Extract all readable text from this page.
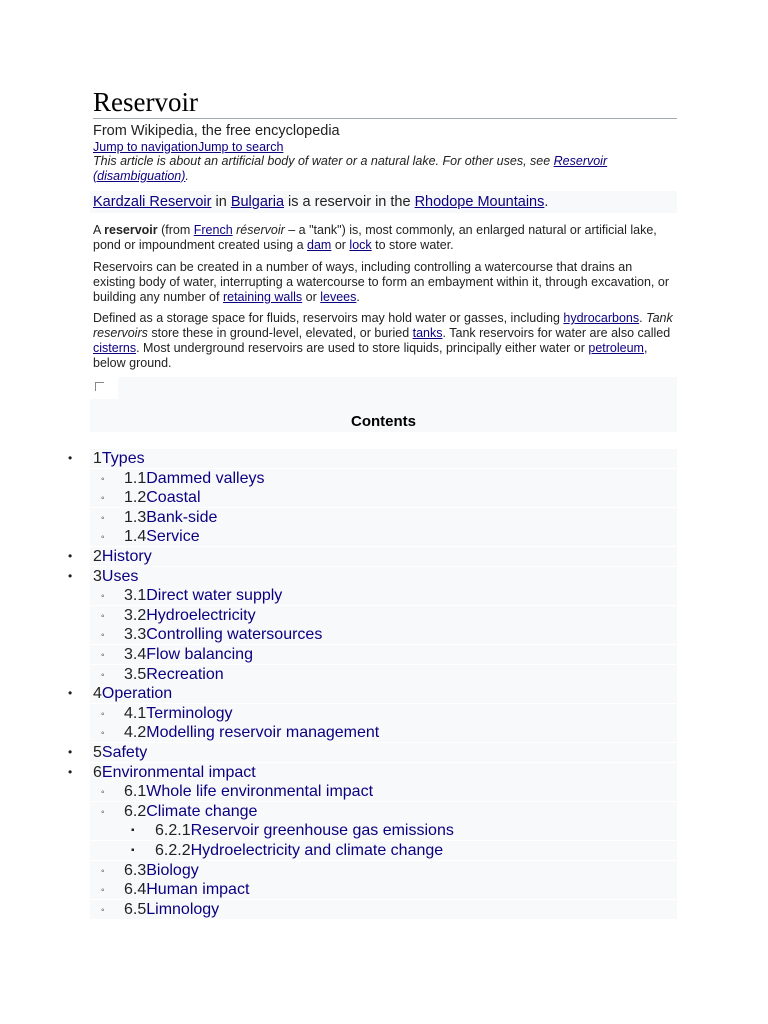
Reservoir
From Wikipedia, the free encyclopedia
Jump to navigationJump to search
This article is about an artificial body of water or a natural lake. For other uses, see Reservoir (disambiguation).
Kardzali Reservoir in Bulgaria is a reservoir in the Rhodope Mountains.

A reservoir (from French réservoir – a "tank") is, most commonly, an enlarged natural or artificial lake, pond or impoundment created using a dam or lock to store water.

Reservoirs can be created in a number of ways, including controlling a watercourse that drains an existing body of water, interrupting a watercourse to form an embayment within it, through excavation, or building any number of retaining walls or levees.

Defined as a storage space for fluids, reservoirs may hold water or gasses, including hydrocarbons. Tank reservoirs store these in ground-level, elevated, or buried tanks. Tank reservoirs for water are also called cisterns. Most underground reservoirs are used to store liquids, principally either water or petroleum, below ground.

Contents
• 1Types
◦ 1.1Dammed valleys
◦ 1.2Coastal
◦ 1.3Bank-side
◦ 1.4Service
• 2History
• 3Uses
◦ 3.1Direct water supply
◦ 3.2Hydroelectricity
◦ 3.3Controlling watersources
◦ 3.4Flow balancing
◦ 3.5Recreation
• 4Operation
◦ 4.1Terminology
◦ 4.2Modelling reservoir management
• 5Safety
• 6Environmental impact
◦ 6.1Whole life environmental impact
◦ 6.2Climate change
▪ 6.2.1Reservoir greenhouse gas emissions
▪ 6.2.2Hydroelectricity and climate change
◦ 6.3Biology
◦ 6.4Human impact
◦ 6.5Limnology
